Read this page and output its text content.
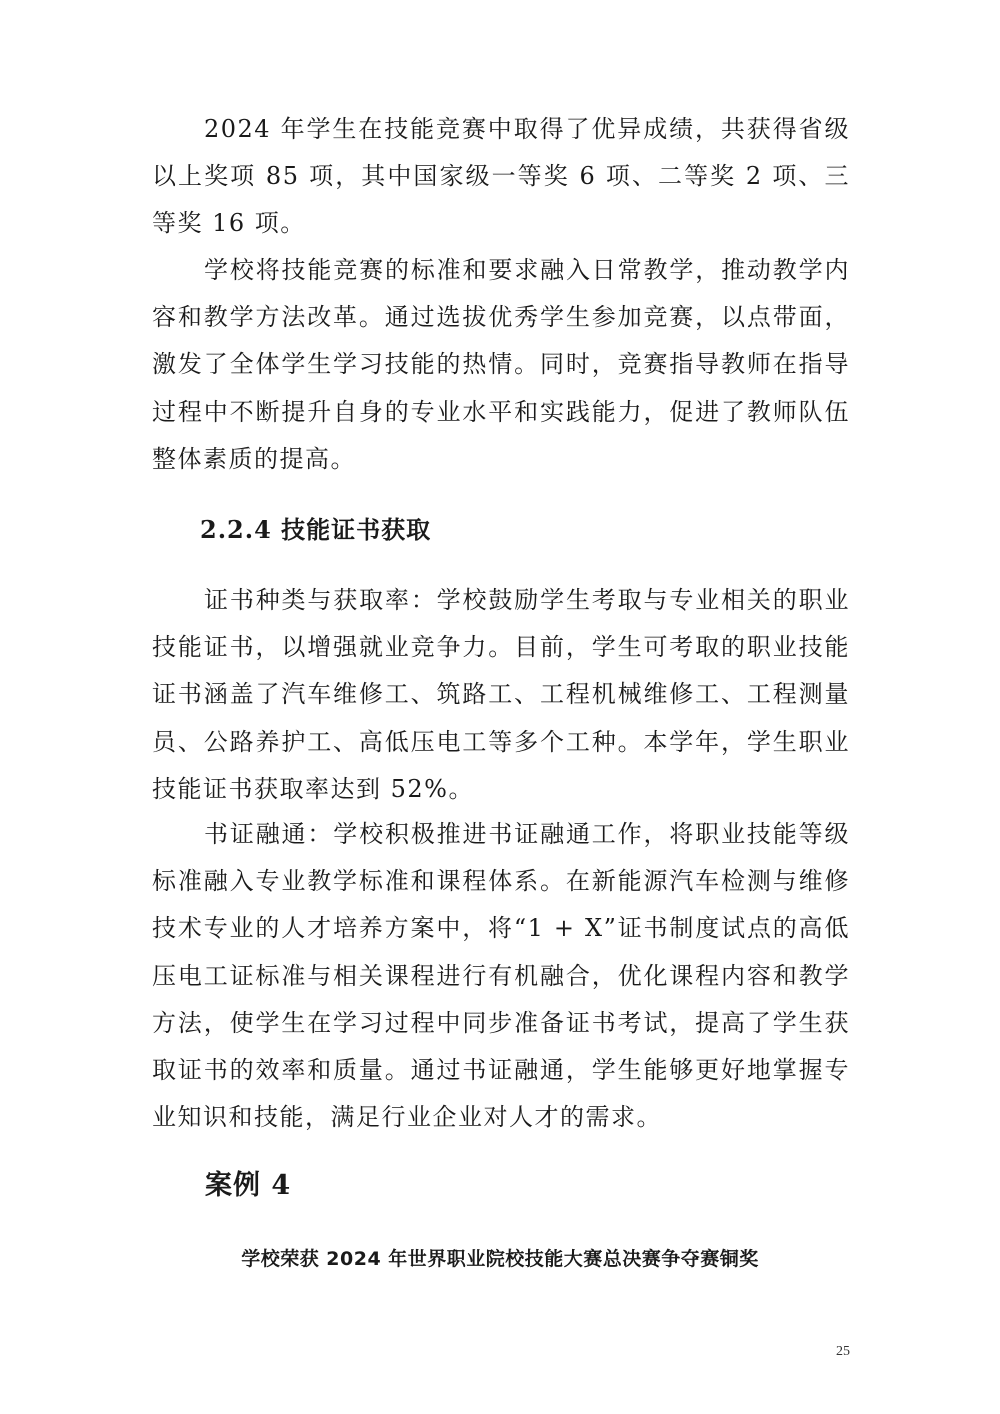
2024 年学生在技能竞赛中取得了优异成绩，共获得省级以上奖项 85 项，其中国家级一等奖 6 项、二等奖 2 项、三等奖 16 项。

学校将技能竞赛的标准和要求融入日常教学，推动教学内容和教学方法改革。通过选拔优秀学生参加竞赛，以点带面，激发了全体学生学习技能的热情。同时，竞赛指导教师在指导过程中不断提升自身的专业水平和实践能力，促进了教师队伍整体素质的提高。

2.2.4 技能证书获取

证书种类与获取率：学校鼓励学生考取与专业相关的职业技能证书，以增强就业竞争力。目前，学生可考取的职业技能证书涵盖了汽车维修工、筑路工、工程机械维修工、工程测量员、公路养护工、高低压电工等多个工种。本学年，学生职业技能证书获取率达到 52%。

书证融通：学校积极推进书证融通工作，将职业技能等级标准融入专业教学标准和课程体系。在新能源汽车检测与维修技术专业的人才培养方案中，将“1 + X”证书制度试点的高低压电工证标准与相关课程进行有机融合，优化课程内容和教学方法，使学生在学习过程中同步准备证书考试，提高了学生获取证书的效率和质量。通过书证融通，学生能够更好地掌握专业知识和技能，满足行业企业对人才的需求。

案例 4

学校荣获 2024 年世界职业院校技能大赛总决赛争夺赛铜奖

25
